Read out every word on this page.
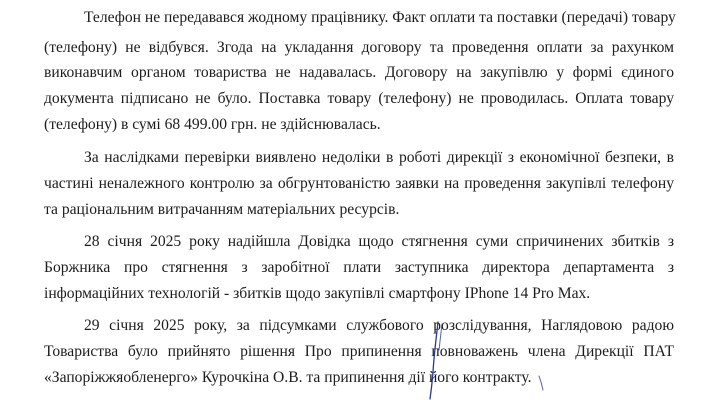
Телефон не передавався жодному працівнику. Факт оплати та поставки (передачі) товару
(телефону) не відбувся. Згода на укладання договору та проведення оплати за рахунком
виконавчим органом товариства не надавалась. Договору на закупівлю у формі єдиного
документа підписано не було. Поставка товару (телефону) не проводилась. Оплата товару
(телефону) в сумі 68 499.00 грн. не здійснювалась.
За наслідками перевірки виявлено недоліки в роботі дирекції з економічної безпеки, в
частині неналежного контролю за обгрунтованістю заявки на проведення закупівлі телефону
та раціональним витрачанням матеріальних ресурсів.
28 січня 2025 року надійшла Довідка щодо стягнення суми спричинених збитків з
Боржника про стягнення з заробітної плати заступника директора департамента з
інформаційних технологій - збитків щодо закупівлі смартфону IPhone 14 Pro Max.
29 січня 2025 року, за підсумками службового розслідування, Наглядовою радою
Товариства було прийнято рішення Про припинення повноважень члена Дирекції ПАТ
«Запоріжжяобленерго» Курочкіна О.В. та припинення дії його контракту.
